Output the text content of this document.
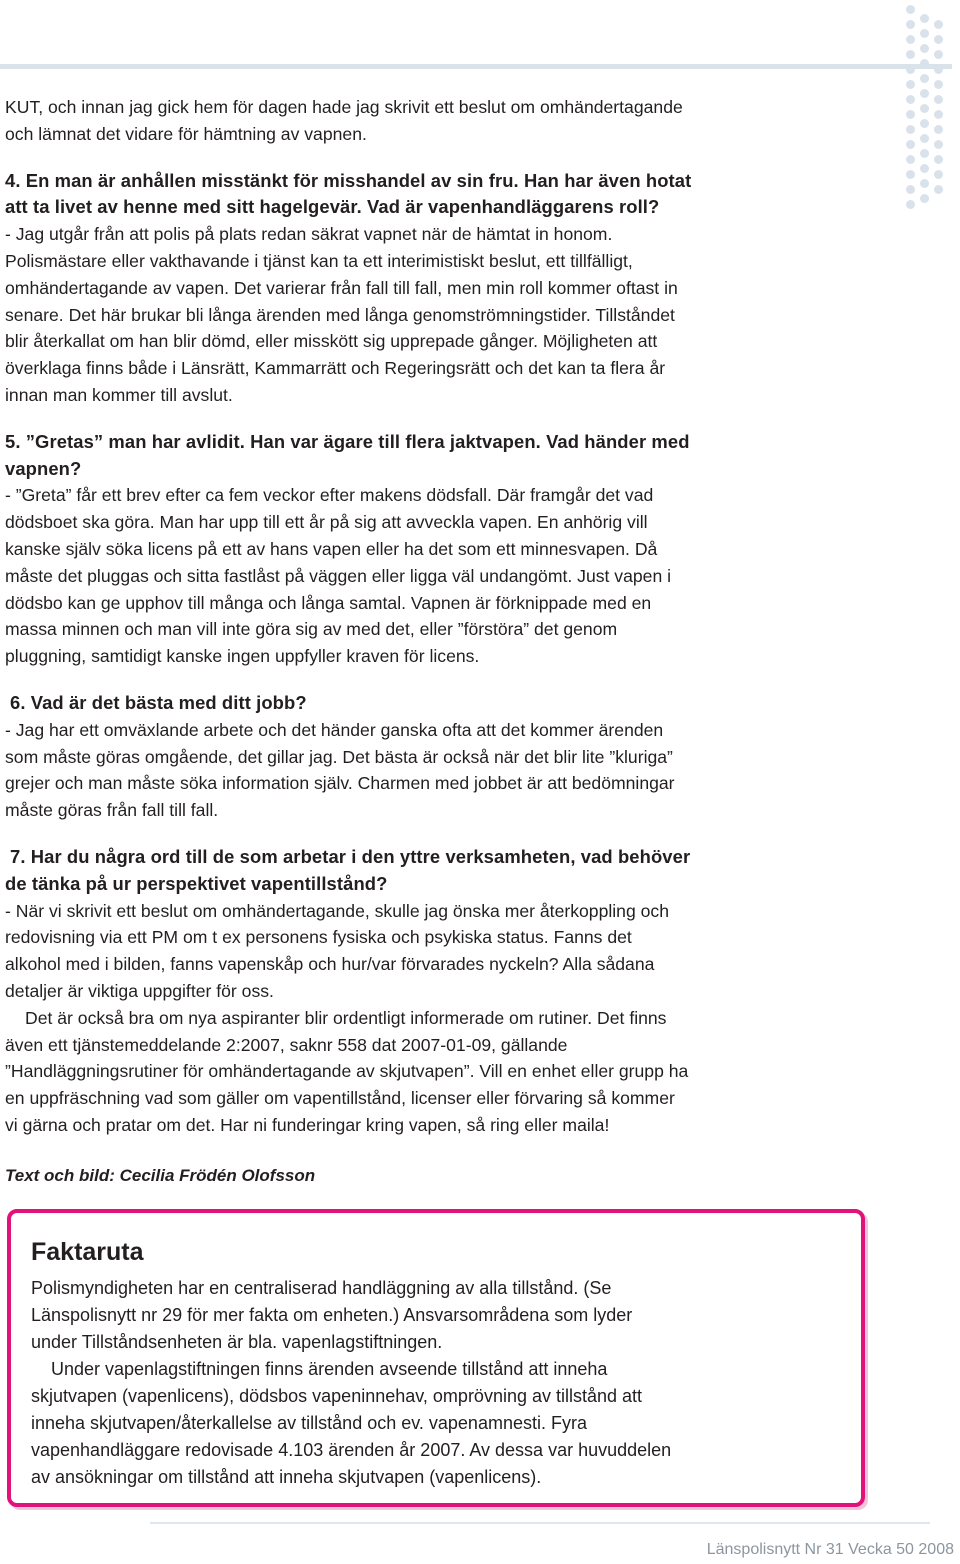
KUT, och innan jag gick hem för dagen hade jag skrivit ett beslut om omhändertagande
och lämnat det vidare för hämtning av vapnen.
4. En man är anhållen misstänkt för misshandel av sin fru. Han har även hotat
att ta livet av henne med sitt hagelgevär. Vad är vapenhandläggarens roll?
- Jag utgår från att polis på plats redan säkrat vapnet när de hämtat in honom.
Polismästare eller vakthavande i tjänst kan ta ett interimistiskt beslut, ett tillfälligt,
omhändertagande av vapen. Det varierar från fall till fall, men min roll kommer oftast in
senare. Det här brukar bli långa ärenden med långa genomströmningstider. Tillståndet
blir återkallat om han blir dömd, eller misskött sig upprepade gånger. Möjligheten att
överklaga finns både i Länsrätt, Kammarrätt och Regeringsrätt och det kan ta flera år
innan man kommer till avslut.
5. ”Gretas” man har avlidit. Han var ägare till flera jaktvapen. Vad händer med
vapnen?
- ”Greta” får ett brev efter ca fem veckor efter makens dödsfall. Där framgår det vad
dödsboet ska göra. Man har upp till ett år på sig att avveckla vapen. En anhörig vill
kanske själv söka licens på ett av hans vapen eller ha det som ett minnesvapen. Då
måste det pluggas och sitta fastlåst på väggen eller ligga väl undangömt. Just vapen i
dödsbo kan ge upphov till många och långa samtal. Vapnen är förknippade med en
massa minnen och man vill inte göra sig av med det, eller ”förstöra” det genom
pluggning, samtidigt kanske ingen uppfyller kraven för licens.
6. Vad är det bästa med ditt jobb?
- Jag har ett omväxlande arbete och det händer ganska ofta att det kommer ärenden
som måste göras omgående, det gillar jag. Det bästa är också när det blir lite ”kluriga”
grejer och man måste söka information själv. Charmen med jobbet är att bedömningar
måste göras från fall till fall.
7. Har du några ord till de som arbetar i den yttre verksamheten, vad behöver
de tänka på ur perspektivet vapentillstånd?
- När vi skrivit ett beslut om omhändertagande, skulle jag önska mer återkoppling och
redovisning via ett PM om t ex personens fysiska och psykiska status. Fanns det
alkohol med i bilden, fanns vapenskåp och hur/var förvarades nyckeln? Alla sådana
detaljer är viktiga uppgifter för oss.
Det är också bra om nya aspiranter blir ordentligt informerade om rutiner. Det finns
även ett tjänstemeddelande 2:2007, saknr 558 dat 2007-01-09, gällande
”Handläggningsrutiner för omhändertagande av skjutvapen”. Vill en enhet eller grupp ha
en uppfräschning vad som gäller om vapentillstånd, licenser eller förvaring så kommer
vi gärna och pratar om det. Har ni funderingar kring vapen, så ring eller maila!
Text och bild: Cecilia Frödén Olofsson
Faktaruta
Polismyndigheten har en centraliserad handläggning av alla tillstånd. (Se
Länspolisnytt nr 29 för mer fakta om enheten.) Ansvarsområdena som lyder
under Tillståndsenheten är bla. vapenlagstiftningen.
Under vapenlagstiftningen finns ärenden avseende tillstånd att inneha
skjutvapen (vapenlicens), dödsbos vapeninnehav, omprövning av tillstånd att
inneha skjutvapen/återkallelse av tillstånd och ev. vapenamnesti. Fyra
vapenhandläggare redovisade 4.103 ärenden år 2007. Av dessa var huvuddelen
av ansökningar om tillstånd att inneha skjutvapen (vapenlicens).
Länspolisnytt Nr 31 Vecka 50 2008
